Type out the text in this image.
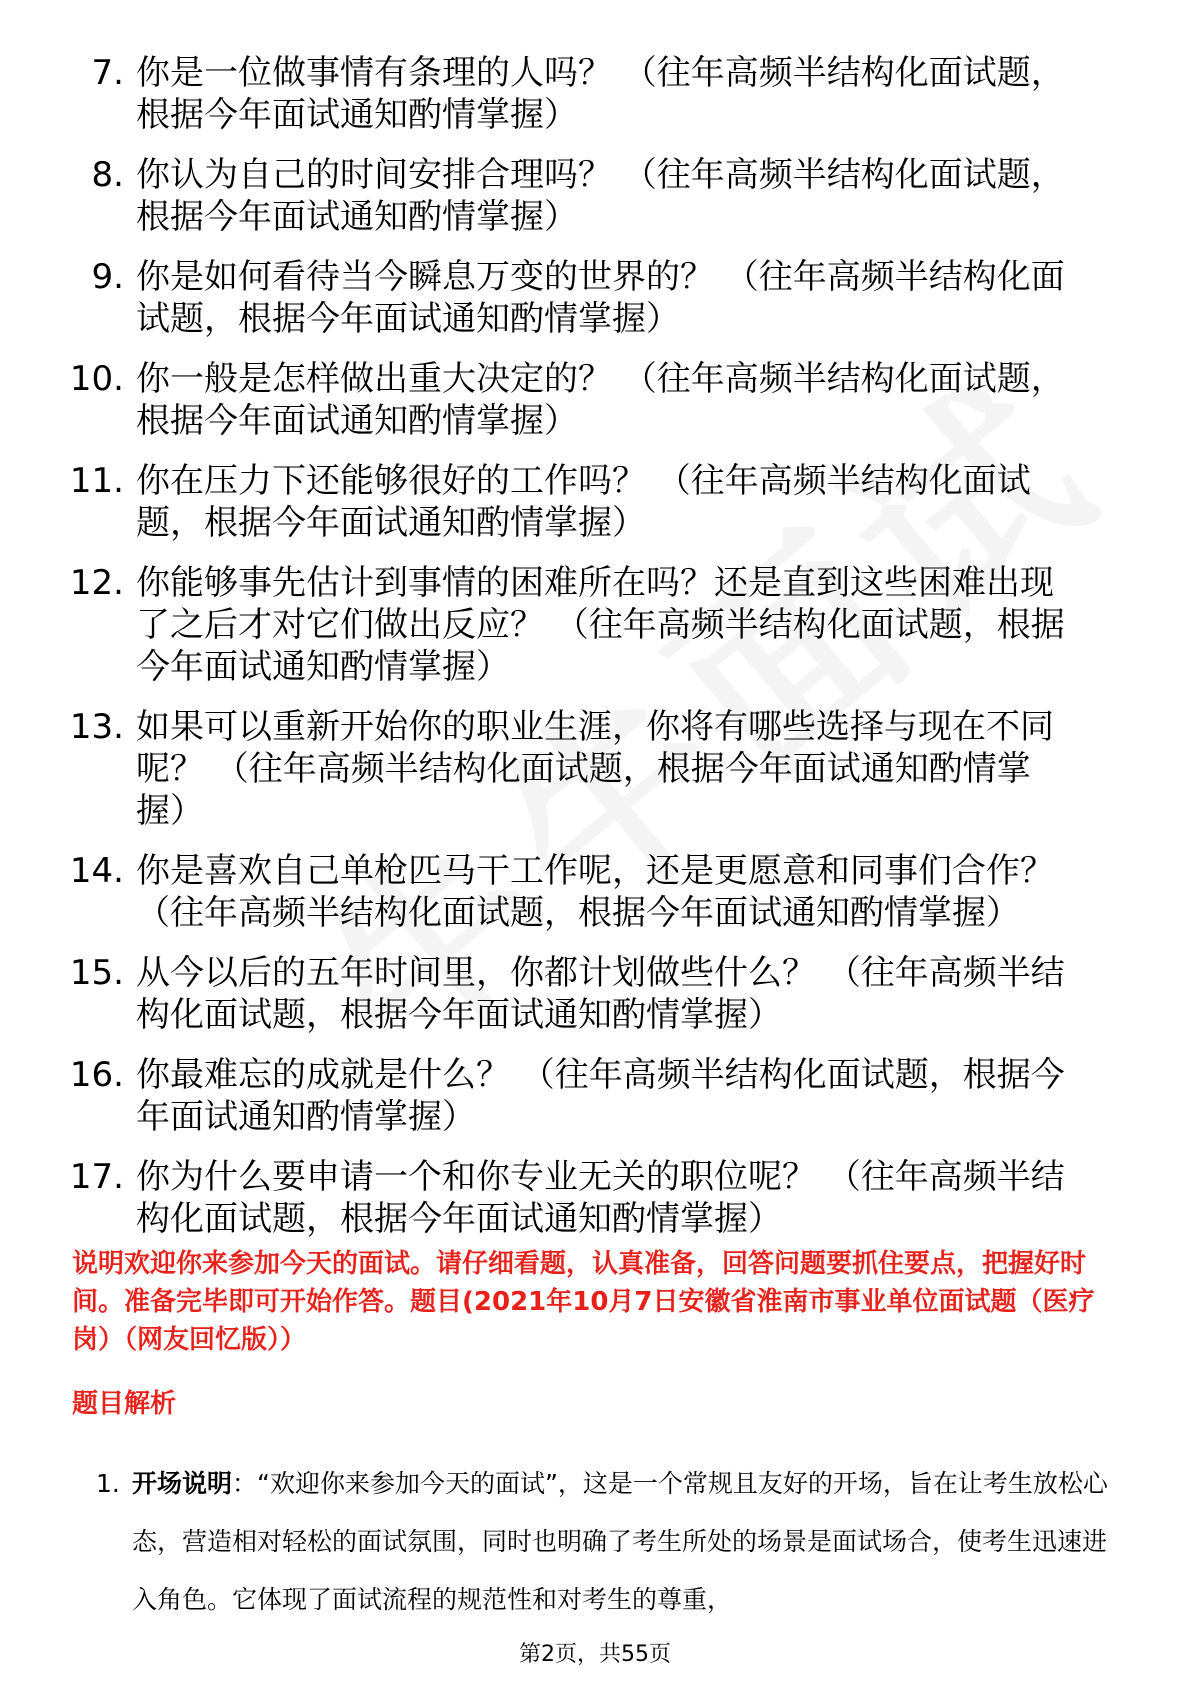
7. 你是一位做事情有条理的人吗？ （往年高频半结构化面试题，根据今年面试通知酌情掌握）
8. 你认为自己的时间安排合理吗？ （往年高频半结构化面试题，根据今年面试通知酌情掌握）
9. 你是如何看待当今瞬息万变的世界的？ （往年高频半结构化面试题，根据今年面试通知酌情掌握）
10. 你一般是怎样做出重大决定的？ （往年高频半结构化面试题，根据今年面试通知酌情掌握）
11. 你在压力下还能够很好的工作吗？ （往年高频半结构化面试题，根据今年面试通知酌情掌握）
12. 你能够事先估计到事情的困难所在吗？还是直到这些困难出现了之后才对它们做出反应？ （往年高频半结构化面试题，根据今年面试通知酌情掌握）
13. 如果可以重新开始你的职业生涯，你将有哪些选择与现在不同呢？ （往年高频半结构化面试题，根据今年面试通知酌情掌握）
14. 你是喜欢自己单枪匹马干工作呢，还是更愿意和同事们合作？ （往年高频半结构化面试题，根据今年面试通知酌情掌握）
15. 从今以后的五年时间里，你都计划做些什么？ （往年高频半结构化面试题，根据今年面试通知酌情掌握）
16. 你最难忘的成就是什么？ （往年高频半结构化面试题，根据今年面试通知酌情掌握）
17. 你为什么要申请一个和你专业无关的职位呢？ （往年高频半结构化面试题，根据今年面试通知酌情掌握）
说明欢迎你来参加今天的面试。请仔细看题，认真准备，回答问题要抓住要点，把握好时间。准备完毕即可开始作答。题目(2021年10月7日安徽省淮南市事业单位面试题（医疗岗）（网友回忆版））
题目解析
1. 开场说明：“欢迎你来参加今天的面试”，这是一个常规且友好的开场，旨在让考生放松心态，营造相对轻松的面试氛围，同时也明确了考生所处的场景是面试场合，使考生迅速进入角色。它体现了面试流程的规范性和对考生的尊重，
第2页，共55页
